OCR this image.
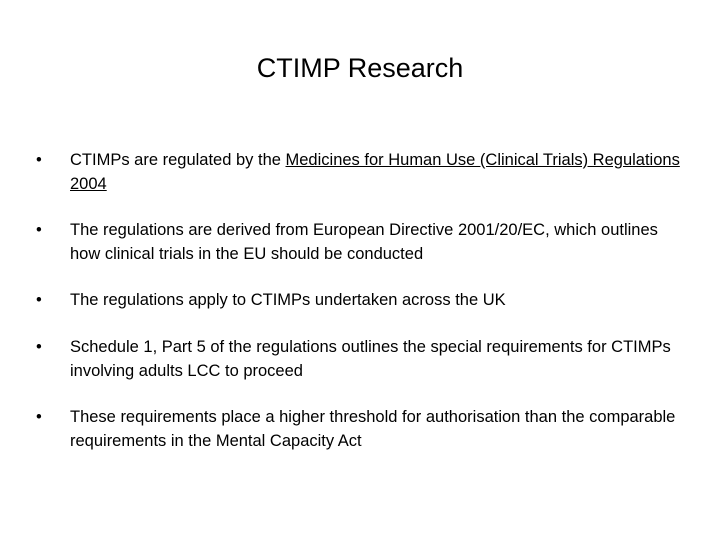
CTIMP Research
•	CTIMPs are regulated by the Medicines for Human Use (Clinical Trials) Regulations 2004
•	The regulations are derived from European Directive 2001/20/EC, which outlines how clinical trials in the EU should be conducted
•	The regulations apply to CTIMPs undertaken across the UK
•	Schedule 1, Part 5 of the regulations outlines the special requirements for CTIMPs involving adults LCC to proceed
•	These requirements place a higher threshold for authorisation than the comparable requirements in the Mental Capacity Act
